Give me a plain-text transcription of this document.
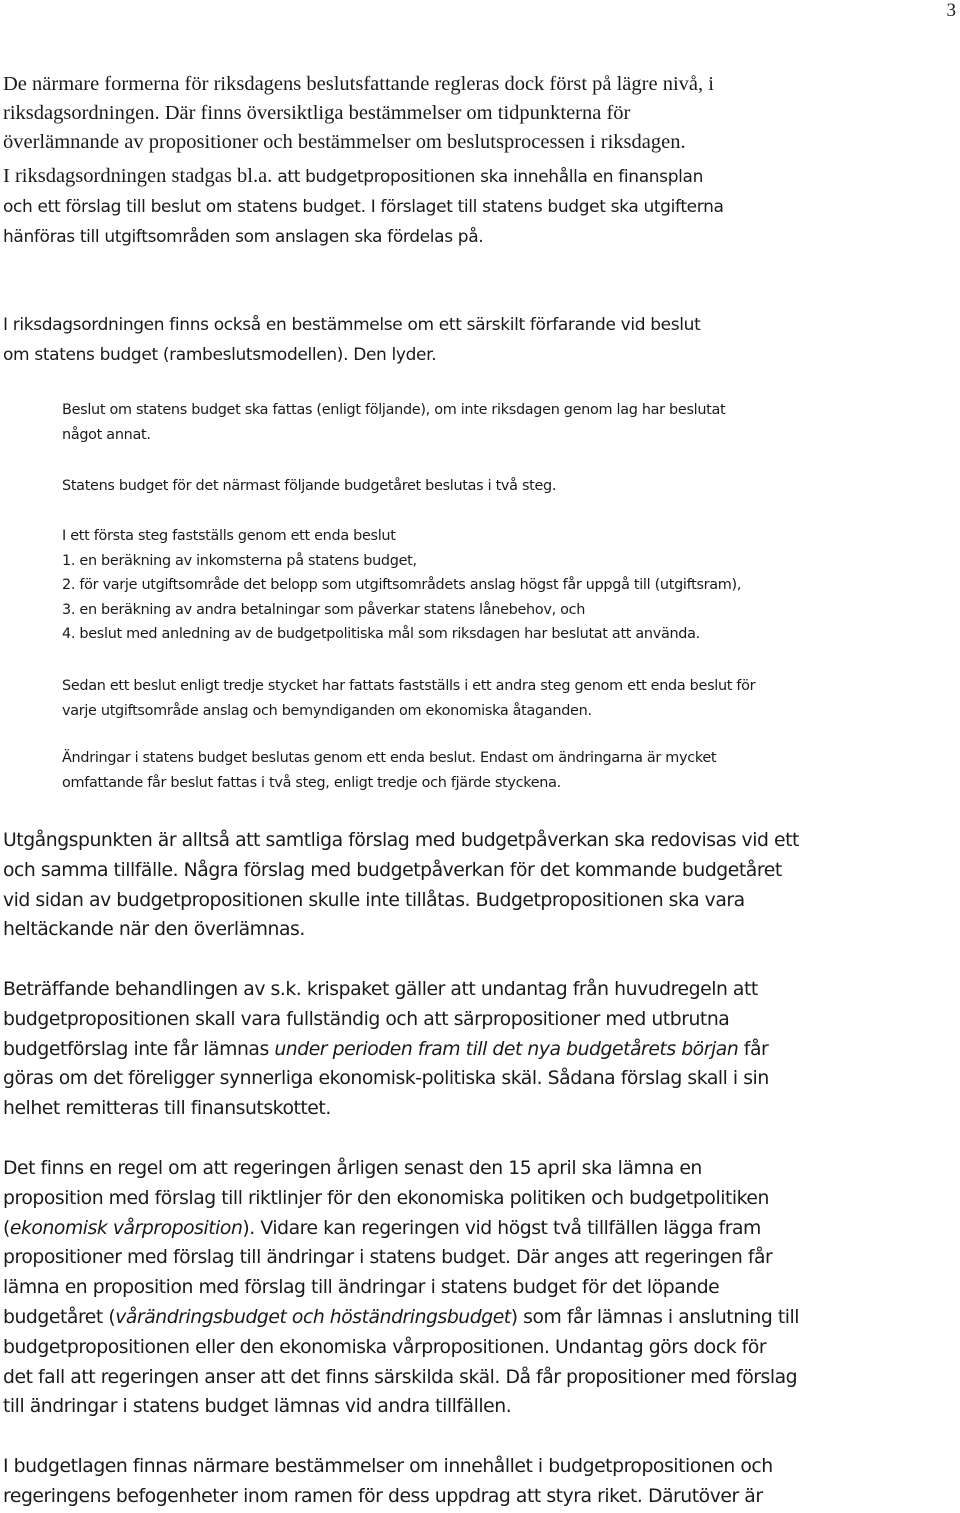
3

De närmare formerna för riksdagens beslutsfattande regleras dock först på lägre nivå, i
riksdagsordningen. Där finns översiktliga bestämmelser om tidpunkterna för
överlämnande av propositioner och bestämmelser om beslutsprocessen i riksdagen.

I riksdagsordningen stadgas bl.a. att budgetpropositionen ska innehålla en finansplan
och ett förslag till beslut om statens budget. I förslaget till statens budget ska utgifterna
hänföras till utgiftsområden som anslagen ska fördelas på.

I riksdagsordningen finns också en bestämmelse om ett särskilt förfarande vid beslut
om statens budget (rambeslutsmodellen). Den lyder.

Beslut om statens budget ska fattas (enligt följande), om inte riksdagen genom lag har beslutat
något annat.

Statens budget för det närmast följande budgetåret beslutas i två steg.

I ett första steg fastställs genom ett enda beslut
1. en beräkning av inkomsterna på statens budget,
2. för varje utgiftsområde det belopp som utgiftsområdets anslag högst får uppgå till (utgiftsram),
3. en beräkning av andra betalningar som påverkar statens lånebehov, och
4. beslut med anledning av de budgetpolitiska mål som riksdagen har beslutat att använda.

Sedan ett beslut enligt tredje stycket har fattats fastställs i ett andra steg genom ett enda beslut för
varje utgiftsområde anslag och bemyndiganden om ekonomiska åtaganden.

Ändringar i statens budget beslutas genom ett enda beslut. Endast om ändringarna är mycket
omfattande får beslut fattas i två steg, enligt tredje och fjärde styckena.

Utgångspunkten är alltså att samtliga förslag med budgetpåverkan ska redovisas vid ett
och samma tillfälle. Några förslag med budgetpåverkan för det kommande budgetåret
vid sidan av budgetpropositionen skulle inte tillåtas. Budgetpropositionen ska vara
heltäckande när den överlämnas.

Beträffande behandlingen av s.k. krispaket gäller att undantag från huvudregeln att
budgetpropositionen skall vara fullständig och att särpropositioner med utbrutna
budgetförslag inte får lämnas under perioden fram till det nya budgetårets början får
göras om det föreligger synnerliga ekonomisk-politiska skäl. Sådana förslag skall i sin
helhet remitteras till finansutskottet.

Det finns en regel om att regeringen årligen senast den 15 april ska lämna en
proposition med förslag till riktlinjer för den ekonomiska politiken och budgetpolitiken
(ekonomisk vårproposition). Vidare kan regeringen vid högst två tillfällen lägga fram
propositioner med förslag till ändringar i statens budget. Där anges att regeringen får
lämna en proposition med förslag till ändringar i statens budget för det löpande
budgetåret (vårändringsbudget och höständringsbudget) som får lämnas i anslutning till
budgetpropositionen eller den ekonomiska vårpropositionen. Undantag görs dock för
det fall att regeringen anser att det finns särskilda skäl. Då får propositioner med förslag
till ändringar i statens budget lämnas vid andra tillfällen.

I budgetlagen finnas närmare bestämmelser om innehållet i budgetpropositionen och
regeringens befogenheter inom ramen för dess uppdrag att styra riket. Därutöver är
